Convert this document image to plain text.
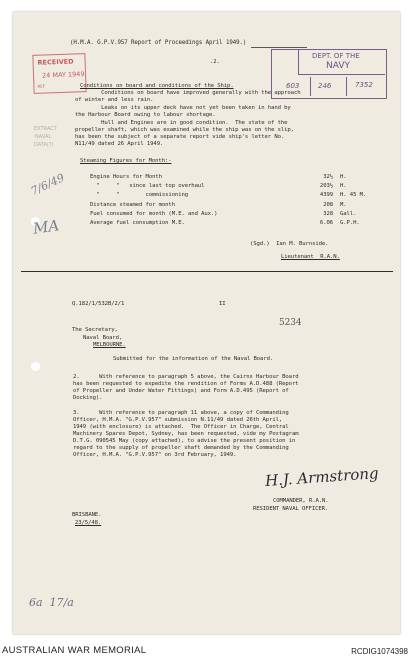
(H.M.A. G.P.V.957 Report of Proceedings April 1949.)
.2.
RECEIVED
24 MAY 1949
REF
DEPT. OF THE
NAVY
603	246	7352
EXTRACT
NAVAL
DATA(?)
Conditions on board and conditions of the Ship.
Conditions on board have improved generally with the approach
of winter and less rain.
Leaks on its upper deck have not yet been taken in hand by
the Harbour Board owing to labour shortage.
Hull and Engines are in good condition.  The state of the
propeller shaft, which was examined while the ship was on the slip,
has been the subject of a separate report vide ship's letter No.
N11/49 dated 26 April 1949.
Steaming Figures for Month:-
Engine Hours for Month	32½ H.
"     "   since last top overhaul	203½ H.
"     "        commissioning	4399 H. 45 M.
Distance steamed for month	208 M.
Fuel consumed for month (M.E. and Aux.)	328 Gall.
Average fuel consumption M.E.	6.06 G.P.H.
7/6/49
MA
(Sgd.)  Ian M. Burnside.
Lieutenant  R.A.N.
Q.182/1/532B/2/1	II
5234
The Secretary,
Naval Board,
MELBOURNE.
Submitted for the information of the Naval Board.
2.      With reference to paragraph 5 above, the Cairns Harbour Board
has been requested to expedite the rendition of Forms A.D.488 (Report
of Propeller and Under Water Fittings) and Form A.D.495 (Report of
Docking).
3.      With reference to paragraph 11 above, a copy of Commanding
Officer, H.M.A. "G.P.V.957" submission N.11/49 dated 26th April,
1949 (with enclosure) is attached.  The Officer in Charge, Central
Machinery Spares Depot, Sydney, has been requested, vide my Postagram
D.T.G. 090545 May (copy attached), to advise the present position in
regard to the supply of propeller shaft demanded by the Commanding
Officer, H.M.A. "G.P.V.957" on 3rd February, 1949.
H.J. Armstrong
COMMANDER, R.A.N.
RESIDENT NAVAL OFFICER.
BRISBANE.
23/5/48.
6a  17/a
AUSTRALIAN WAR MEMORIAL	RCDIG1074398
